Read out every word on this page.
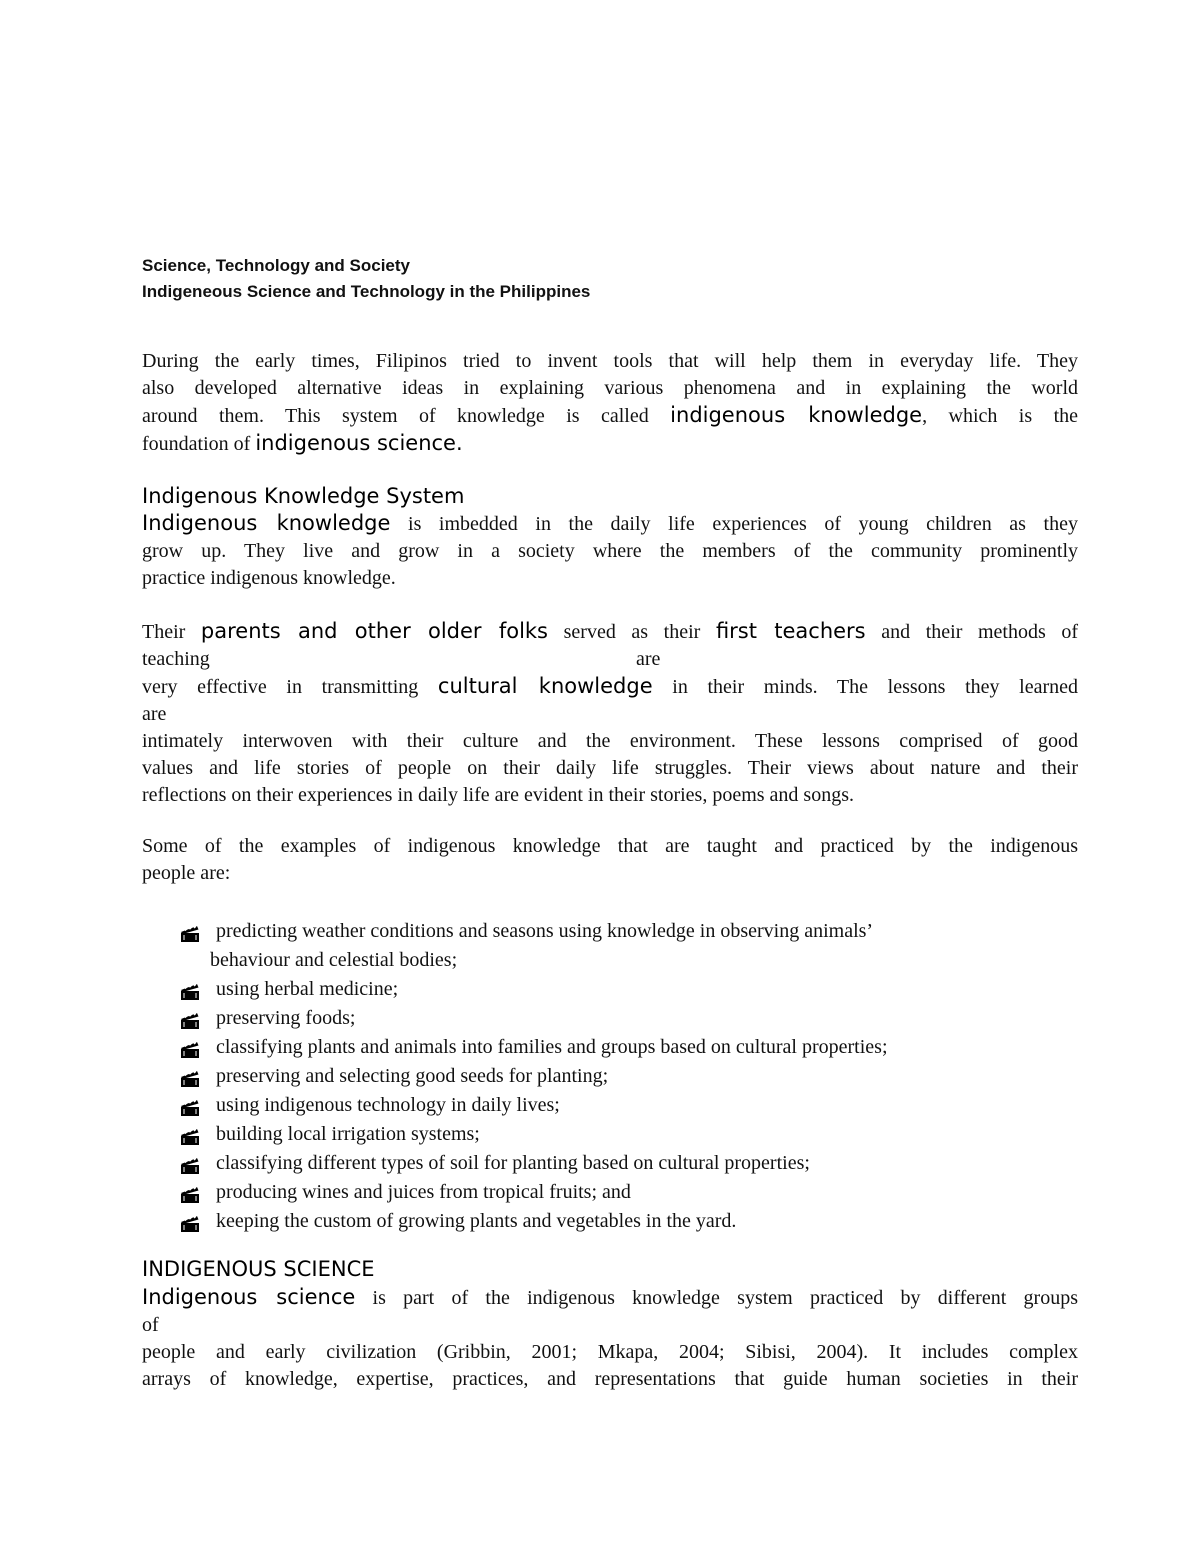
Science, Technology and Society
Indigeneous Science and Technology in the Philippines
During the early times, Filipinos tried to invent tools that will help them in everyday life. They
also developed alternative ideas in explaining various phenomena and in explaining the world
around them. This system of knowledge is called indigenous knowledge, which is the
foundation of indigenous science.
Indigenous Knowledge System
Indigenous knowledge is imbedded in the daily life experiences of young children as they
grow up. They live and grow in a society where the members of the community prominently
practice indigenous knowledge.
Their parents and other older folks served as their first teachers and their methods of
teaching	are
very effective in transmitting cultural knowledge in their minds. The lessons they learned
are
intimately interwoven with their culture and the environment. These lessons comprised of good
values and life stories of people on their daily life struggles. Their views about nature and their
reflections on their experiences in daily life are evident in their stories, poems and songs.
Some of the examples of indigenous knowledge that are taught and practiced by the indigenous
people are:
predicting weather conditions and seasons using knowledge in observing animals’
behaviour and celestial bodies;
using herbal medicine;
preserving foods;
classifying plants and animals into families and groups based on cultural properties;
preserving and selecting good seeds for planting;
using indigenous technology in daily lives;
building local irrigation systems;
classifying different types of soil for planting based on cultural properties;
producing wines and juices from tropical fruits; and
keeping the custom of growing plants and vegetables in the yard.
INDIGENOUS SCIENCE
Indigenous science is part of the indigenous knowledge system practiced by different groups
of
people and early civilization (Gribbin, 2001; Mkapa, 2004; Sibisi, 2004). It includes complex
arrays of knowledge, expertise, practices, and representations that guide human societies in their
